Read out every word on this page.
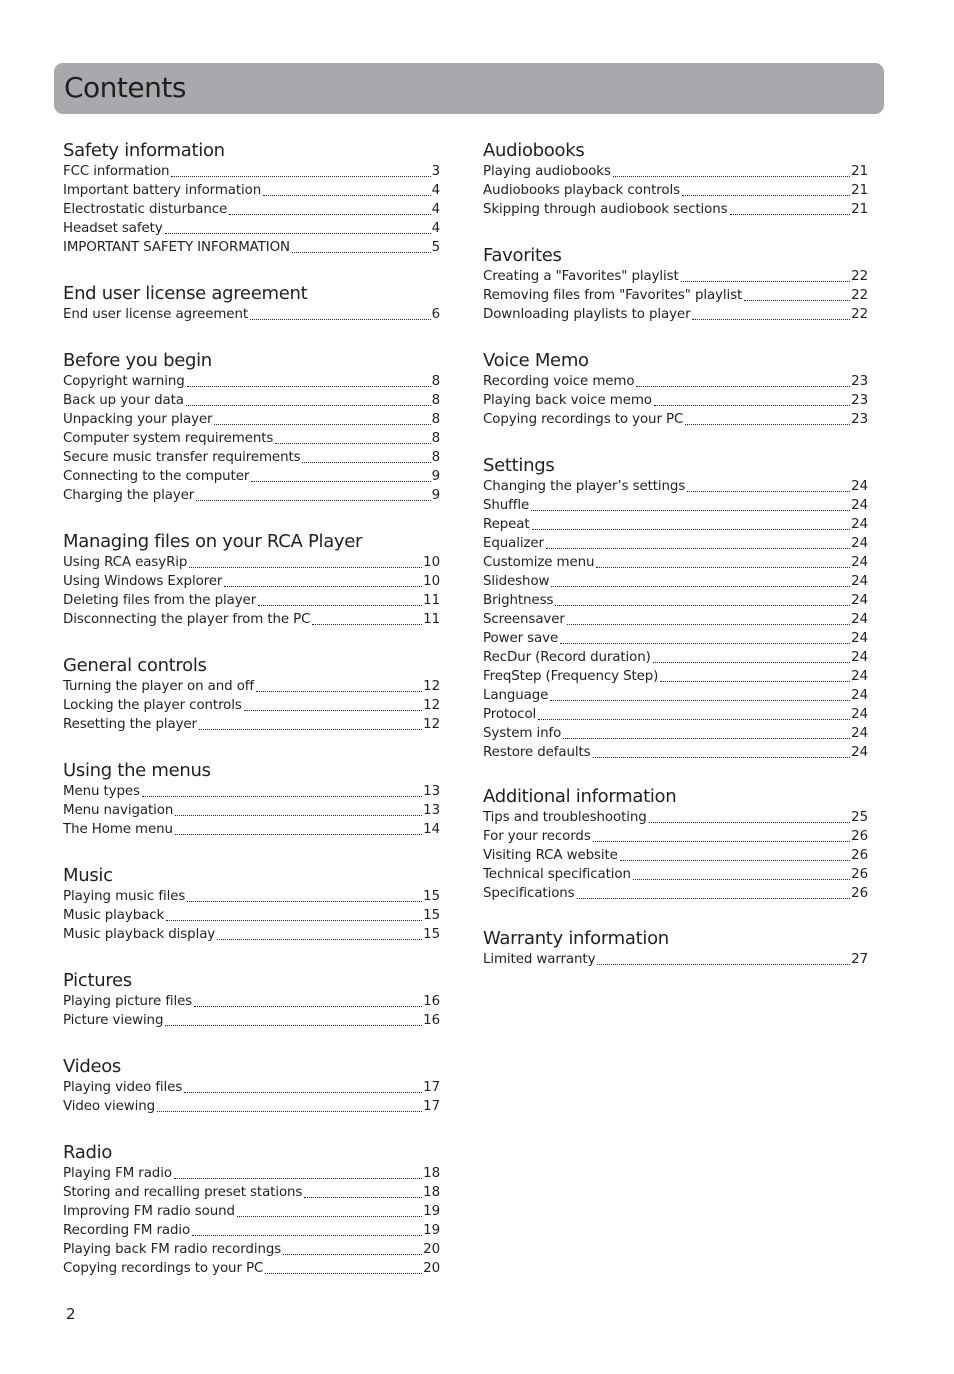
Contents
Safety information
FCC information	3
Important battery information	4
Electrostatic disturbance	4
Headset safety	4
IMPORTANT SAFETY INFORMATION	5
End user license agreement
End user license agreement	6
Before you begin
Copyright warning	8
Back up your data	8
Unpacking your player	8
Computer system requirements	8
Secure music transfer requirements	8
Connecting to the computer	9
Charging the player	9
Managing files on your RCA Player
Using RCA easyRip	10
Using Windows Explorer	10
Deleting files from the player	11
Disconnecting the player from the PC	11
General controls
Turning the player on and off	12
Locking the player controls	12
Resetting the player	12
Using the menus
Menu types	13
Menu navigation	13
The Home menu	14
Music
Playing music files	15
Music playback	15
Music playback display	15
Pictures
Playing picture files	16
Picture viewing	16
Videos
Playing video files	17
Video viewing	17
Radio
Playing FM radio	18
Storing and recalling preset stations	18
Improving FM radio sound	19
Recording FM radio	19
Playing back FM radio recordings	20
Copying recordings to your PC	20
Audiobooks
Playing audiobooks	21
Audiobooks playback controls	21
Skipping through audiobook sections	21
Favorites
Creating a "Favorites" playlist	22
Removing files from "Favorites" playlist	22
Downloading playlists to player	22
Voice Memo
Recording voice memo	23
Playing back voice memo	23
Copying recordings to your PC	23
Settings
Changing the player’s settings	24
Shuffle	24
Repeat	24
Equalizer	24
Customize menu	24
Slideshow	24
Brightness	24
Screensaver	24
Power save	24
RecDur (Record duration)	24
FreqStep (Frequency Step)	24
Language	24
Protocol	24
System info	24
Restore defaults	24
Additional information
Tips and troubleshooting	25
For your records	26
Visiting RCA website	26
Technical specification	26
Specifications	26
Warranty information
Limited warranty	27
2
